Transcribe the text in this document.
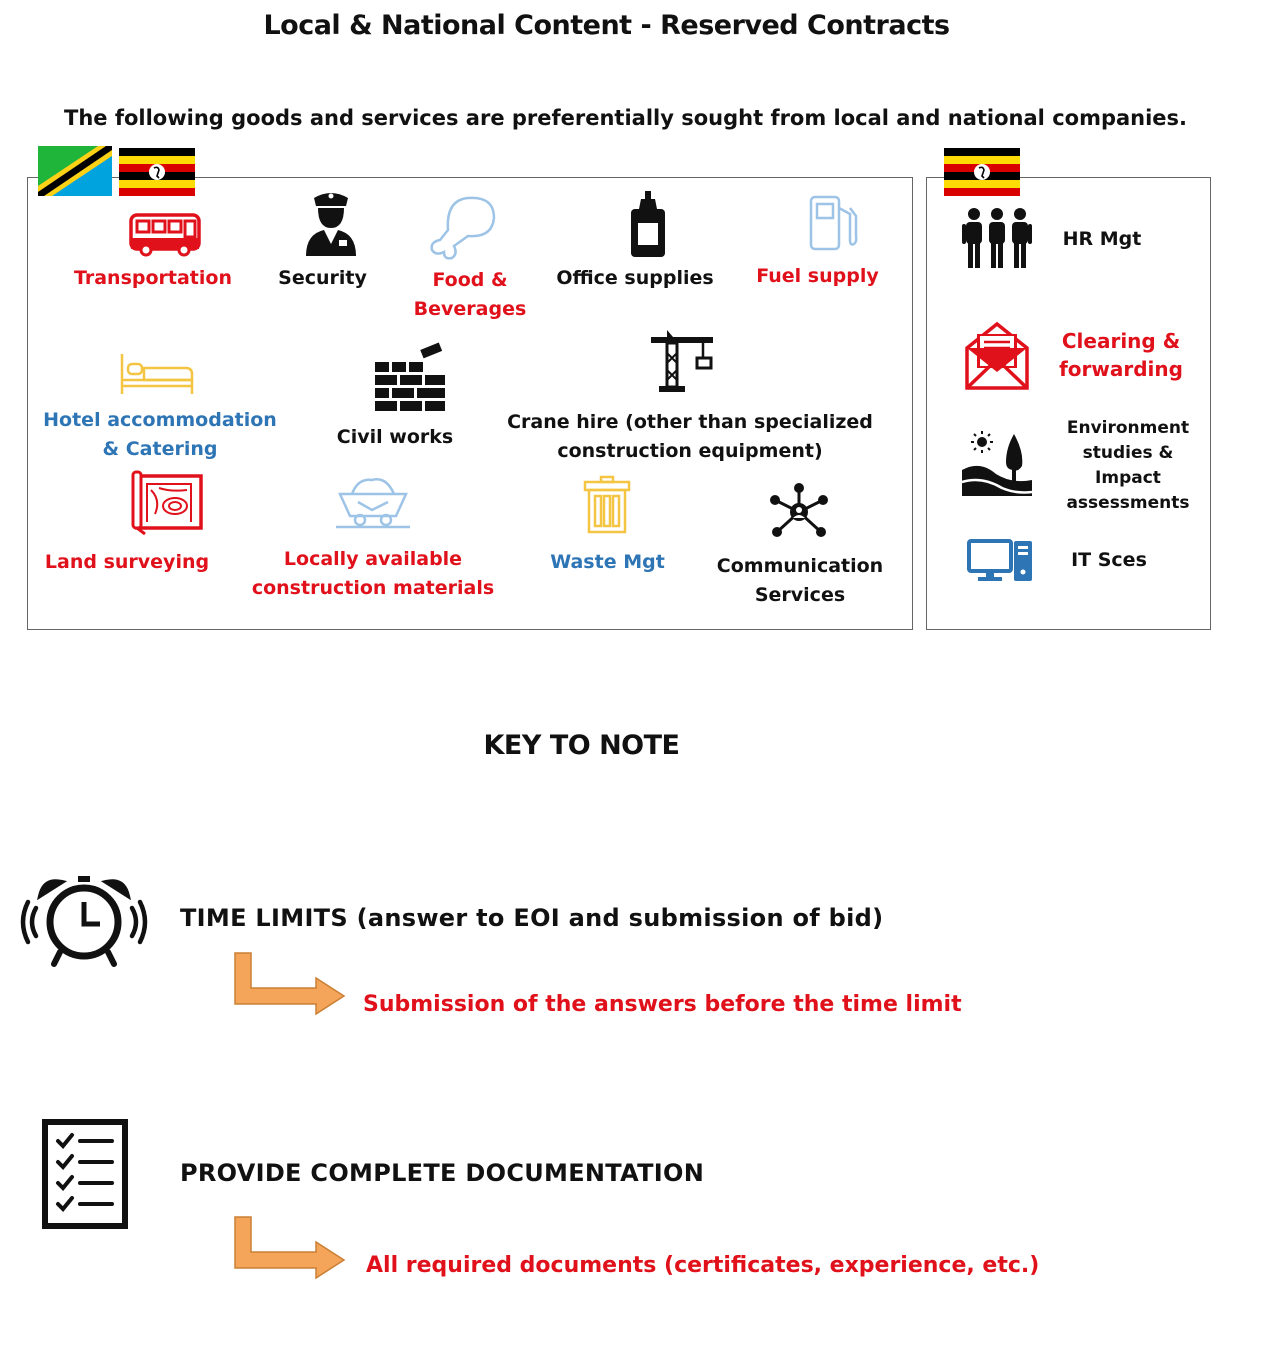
Local & National Content - Reserved Contracts
The following goods and services are preferentially sought from local and national companies.
Transportation	Security	Food &
Beverages
Office supplies	Fuel supply
Hotel accommodation
& Catering
Civil works
Crane hire (other than specialized
construction equipment)
Land surveying	Locally available
construction materials
Waste Mgt	Communication
Services
HR Mgt
Clearing &
forwarding
Environment
studies &
Impact
assessments
IT Sces
KEY TO NOTE
TIME LIMITS (answer to EOI and submission of bid)
Submission of the answers before the time limit
PROVIDE COMPLETE DOCUMENTATION
All required documents (certificates, experience, etc.)
